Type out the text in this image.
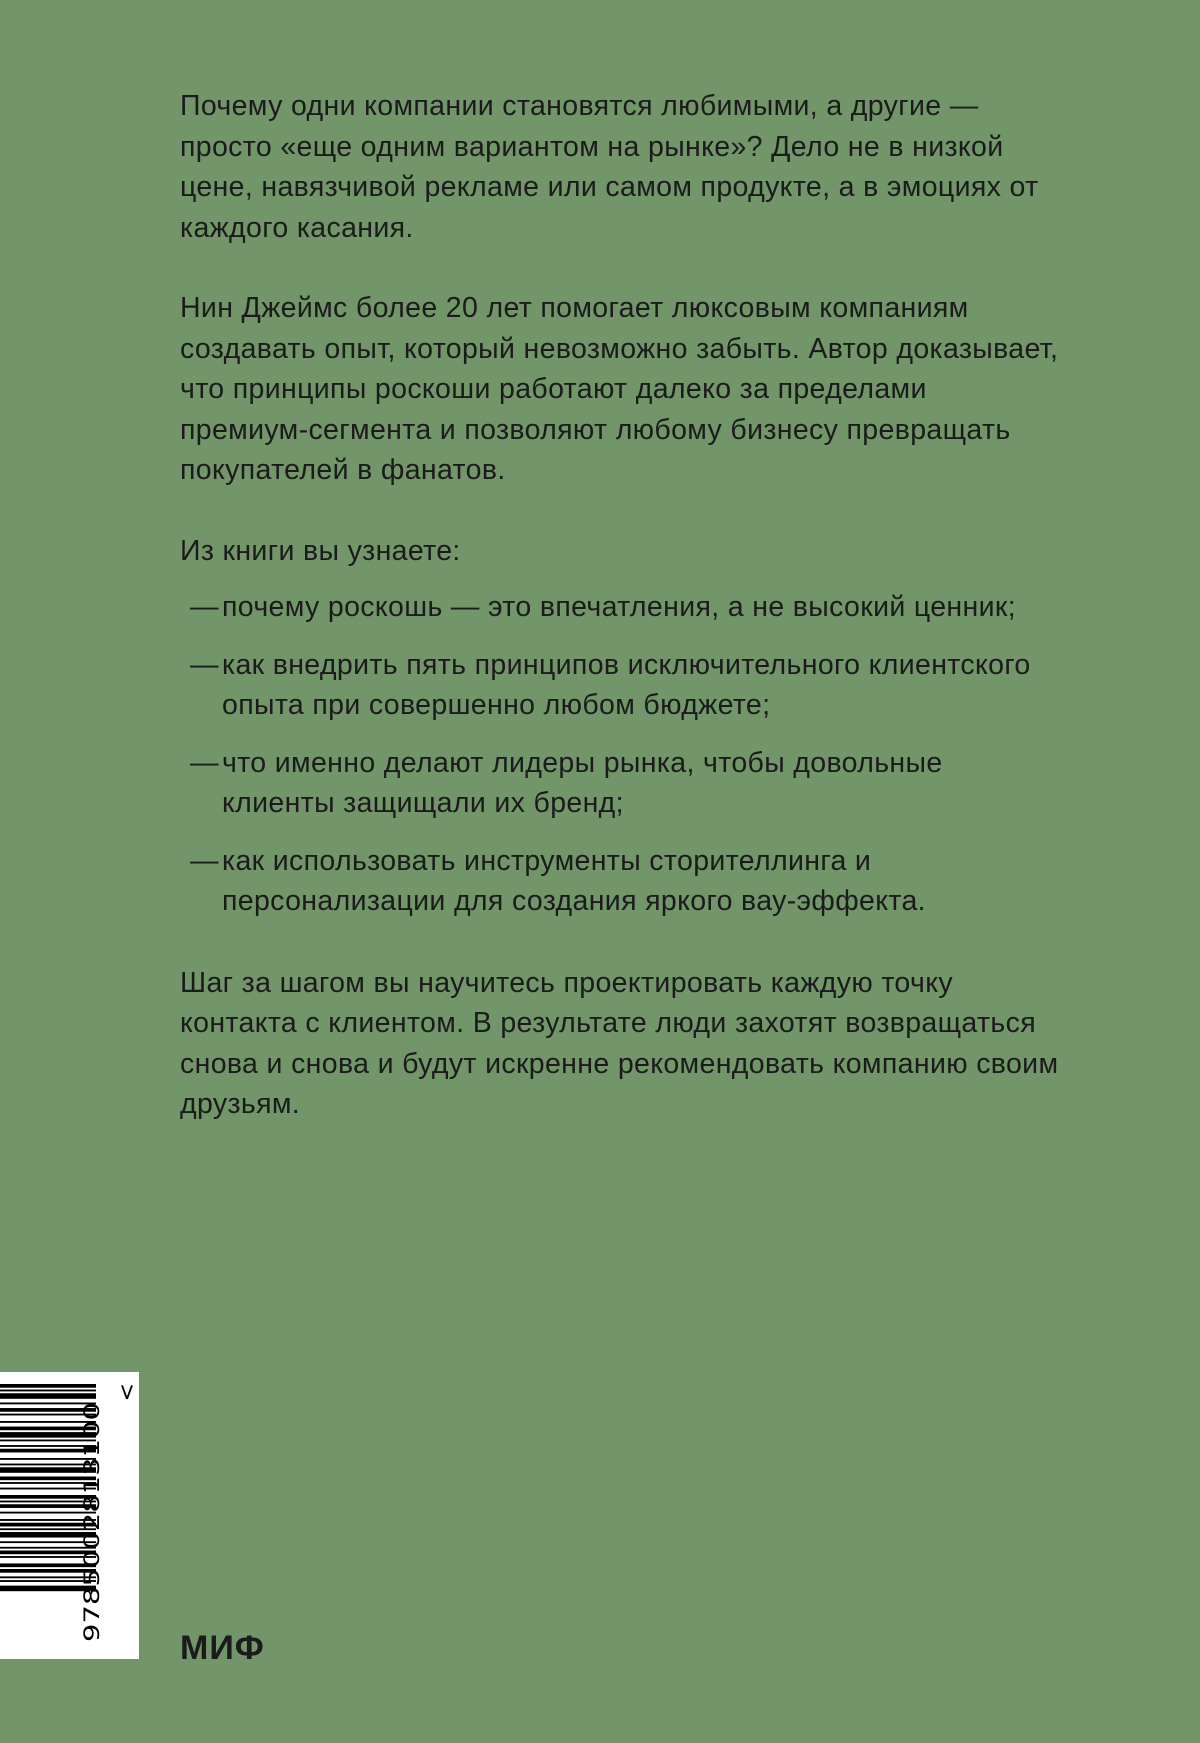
Почему одни компании становятся любимыми, а другие — просто «еще одним вариантом на рынке»? Дело не в низкой цене, навязчивой рекламе или самом продукте, а в эмоциях от каждого касания.

Нин Джеймс более 20 лет помогает люксовым компаниям создавать опыт, который невозможно забыть. Автор доказывает, что принципы роскоши работают далеко за пределами премиум-сегмента и позволяют любому бизнесу превращать покупателей в фанатов.

Из книги вы узнаете:

— почему роскошь — это впечатления, а не высокий ценник;
— как внедрить пять принципов исключительного клиентского опыта при совершенно любом бюджете;
— что именно делают лидеры рынка, чтобы довольные клиенты защищали их бренд;
— как использовать инструменты сторителлинга и персонализации для создания яркого вау-эффекта.

Шаг за шагом вы научитесь проектировать каждую точку контакта с клиентом. В результате люди захотят возвращаться снова и снова и будут искренне рекомендовать компанию своим друзьям.

>
9785002813100
МИФ
